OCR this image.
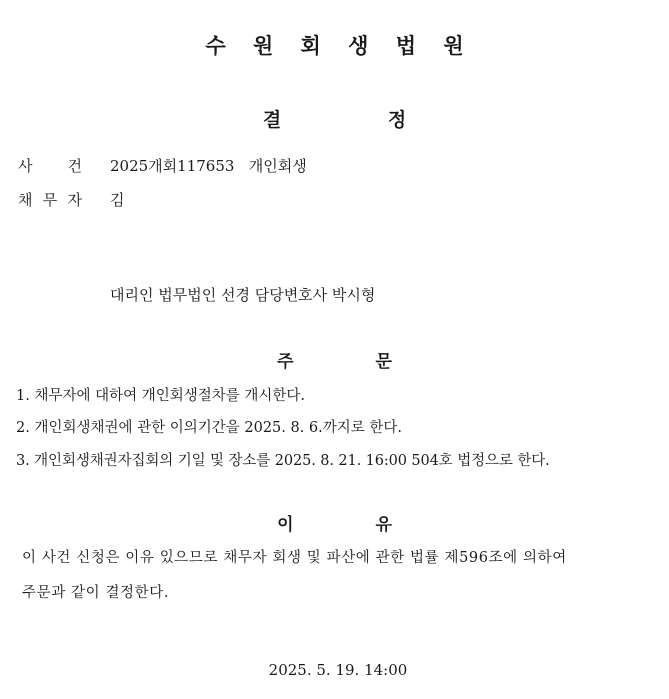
수 원 회 생 법 원
결	정
사 건 2025개회117653   개인회생
채 무 자 김
대리인 법무법인 선경 담당변호사 박시형
주	문
1. 채무자에 대하여 개인회생절차를 개시한다.
2. 개인회생채권에 관한 이의기간을 2025. 8. 6.까지로 한다.
3. 개인회생채권자집회의 기일 및 장소를 2025. 8. 21. 16:00 504호 법정으로 한다.
이	유
이 사건 신청은 이유 있으므로 채무자 회생 및 파산에 관한 법률 제596조에 의하여
주문과 같이 결정한다.
2025. 5. 19. 14:00
